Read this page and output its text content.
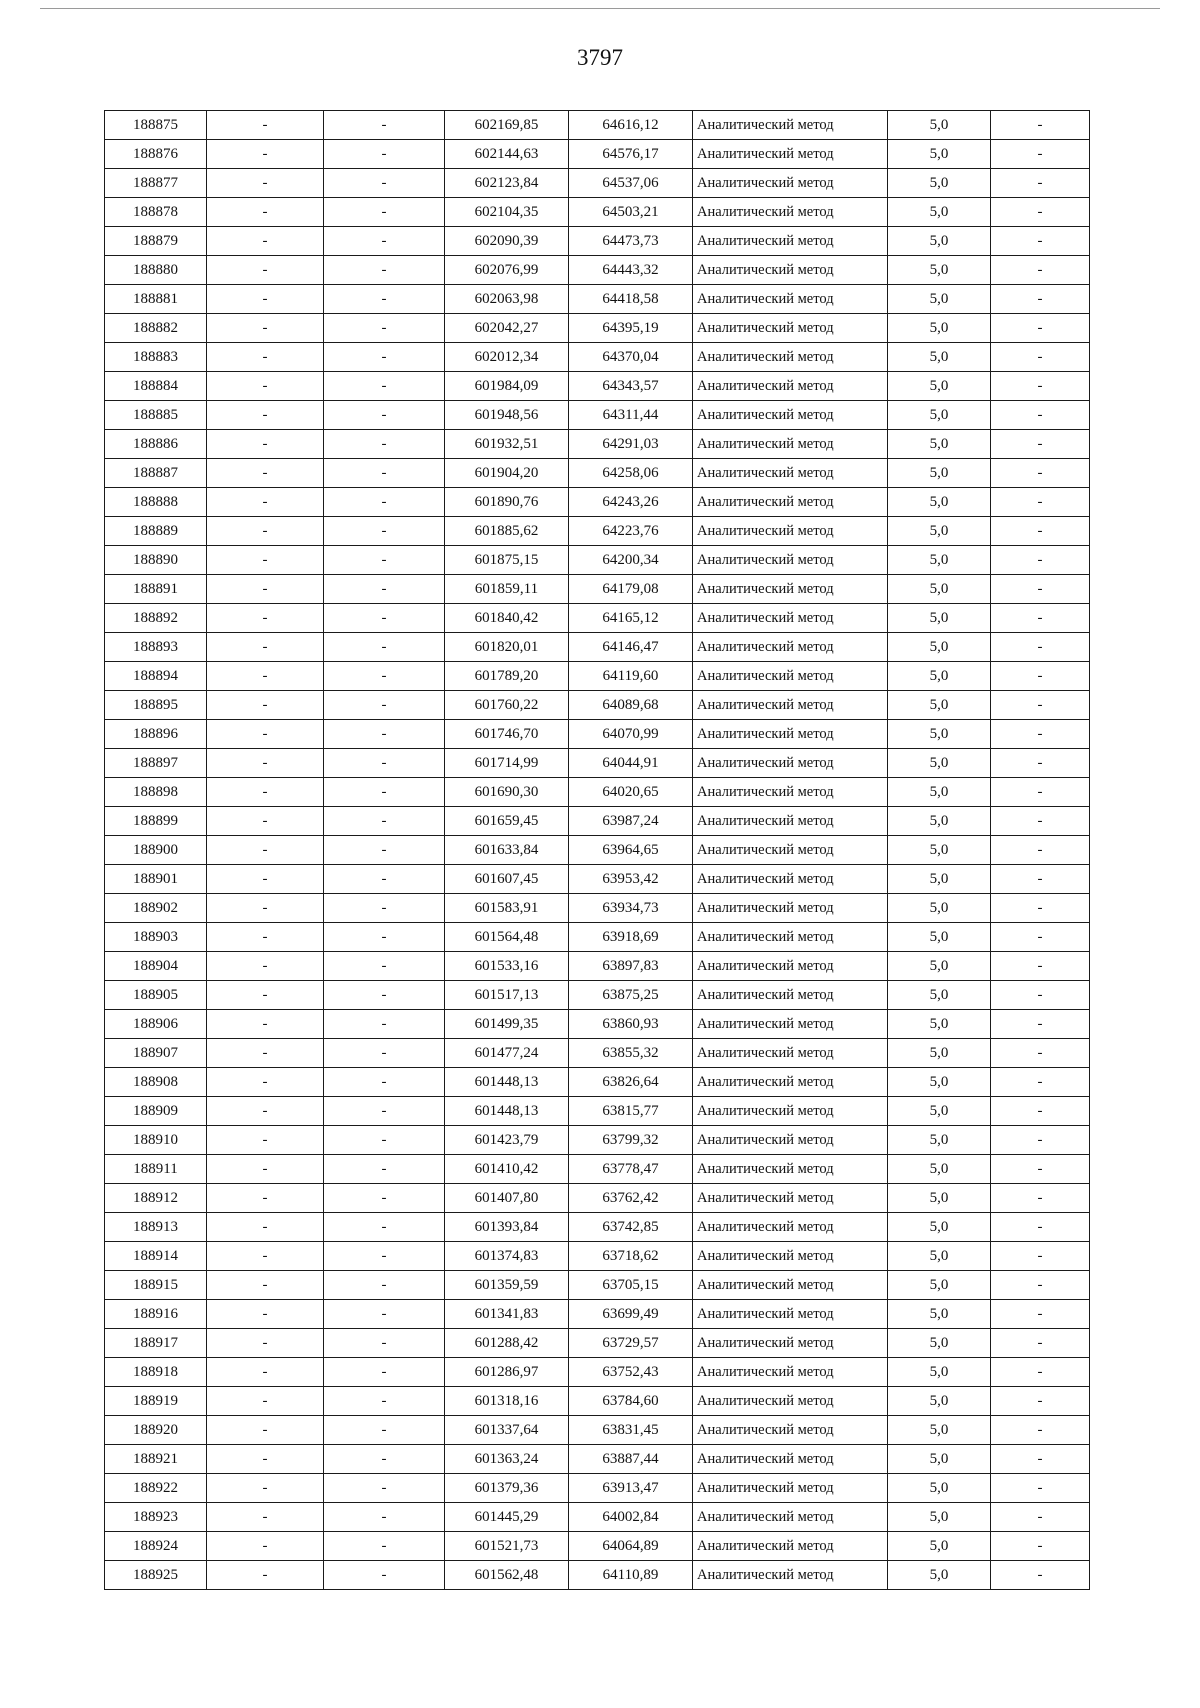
3797
188875	-	-	602169,85	64616,12	Аналитический метод	5,0	-
188876	-	-	602144,63	64576,17	Аналитический метод	5,0	-
188877	-	-	602123,84	64537,06	Аналитический метод	5,0	-
188878	-	-	602104,35	64503,21	Аналитический метод	5,0	-
188879	-	-	602090,39	64473,73	Аналитический метод	5,0	-
188880	-	-	602076,99	64443,32	Аналитический метод	5,0	-
188881	-	-	602063,98	64418,58	Аналитический метод	5,0	-
188882	-	-	602042,27	64395,19	Аналитический метод	5,0	-
188883	-	-	602012,34	64370,04	Аналитический метод	5,0	-
188884	-	-	601984,09	64343,57	Аналитический метод	5,0	-
188885	-	-	601948,56	64311,44	Аналитический метод	5,0	-
188886	-	-	601932,51	64291,03	Аналитический метод	5,0	-
188887	-	-	601904,20	64258,06	Аналитический метод	5,0	-
188888	-	-	601890,76	64243,26	Аналитический метод	5,0	-
188889	-	-	601885,62	64223,76	Аналитический метод	5,0	-
188890	-	-	601875,15	64200,34	Аналитический метод	5,0	-
188891	-	-	601859,11	64179,08	Аналитический метод	5,0	-
188892	-	-	601840,42	64165,12	Аналитический метод	5,0	-
188893	-	-	601820,01	64146,47	Аналитический метод	5,0	-
188894	-	-	601789,20	64119,60	Аналитический метод	5,0	-
188895	-	-	601760,22	64089,68	Аналитический метод	5,0	-
188896	-	-	601746,70	64070,99	Аналитический метод	5,0	-
188897	-	-	601714,99	64044,91	Аналитический метод	5,0	-
188898	-	-	601690,30	64020,65	Аналитический метод	5,0	-
188899	-	-	601659,45	63987,24	Аналитический метод	5,0	-
188900	-	-	601633,84	63964,65	Аналитический метод	5,0	-
188901	-	-	601607,45	63953,42	Аналитический метод	5,0	-
188902	-	-	601583,91	63934,73	Аналитический метод	5,0	-
188903	-	-	601564,48	63918,69	Аналитический метод	5,0	-
188904	-	-	601533,16	63897,83	Аналитический метод	5,0	-
188905	-	-	601517,13	63875,25	Аналитический метод	5,0	-
188906	-	-	601499,35	63860,93	Аналитический метод	5,0	-
188907	-	-	601477,24	63855,32	Аналитический метод	5,0	-
188908	-	-	601448,13	63826,64	Аналитический метод	5,0	-
188909	-	-	601448,13	63815,77	Аналитический метод	5,0	-
188910	-	-	601423,79	63799,32	Аналитический метод	5,0	-
188911	-	-	601410,42	63778,47	Аналитический метод	5,0	-
188912	-	-	601407,80	63762,42	Аналитический метод	5,0	-
188913	-	-	601393,84	63742,85	Аналитический метод	5,0	-
188914	-	-	601374,83	63718,62	Аналитический метод	5,0	-
188915	-	-	601359,59	63705,15	Аналитический метод	5,0	-
188916	-	-	601341,83	63699,49	Аналитический метод	5,0	-
188917	-	-	601288,42	63729,57	Аналитический метод	5,0	-
188918	-	-	601286,97	63752,43	Аналитический метод	5,0	-
188919	-	-	601318,16	63784,60	Аналитический метод	5,0	-
188920	-	-	601337,64	63831,45	Аналитический метод	5,0	-
188921	-	-	601363,24	63887,44	Аналитический метод	5,0	-
188922	-	-	601379,36	63913,47	Аналитический метод	5,0	-
188923	-	-	601445,29	64002,84	Аналитический метод	5,0	-
188924	-	-	601521,73	64064,89	Аналитический метод	5,0	-
188925	-	-	601562,48	64110,89	Аналитический метод	5,0	-
